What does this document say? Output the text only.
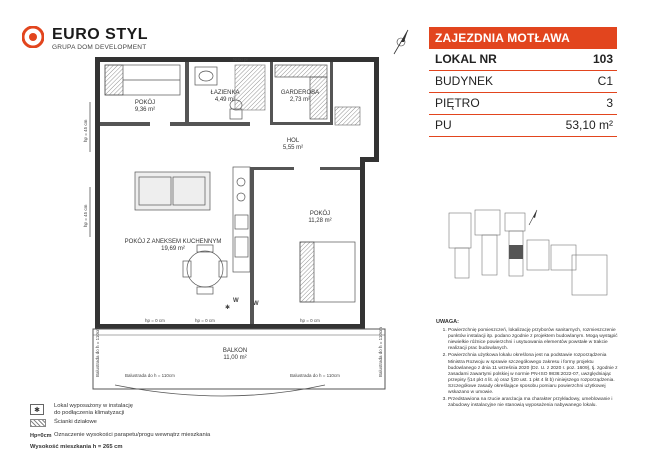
EURO STYL
GRUPA DOM DEVELOPMENT
POKÓJ
9,36 m²
ŁAZIENKA
4,49 m²
GARDEROBA
2,73 m²
HOL
5,55 m²
POKÓJ
11,28 m²
POKÓJ Z ANEKSEM KUCHENNYM
19,69 m²
BALKON
11,00 m²
Niski pł
hp = 45 cm
hp = 45 cm
hp = 0 cm	hp = 0 cm	hp = 0 cm
Balustrada do h = 110cm	Balustrada do h = 110cm
Balustrada do h = 110cm	Balustrada do h = 110cm
W W
✱
ZAJEZDNIA MOTŁAWA
LOKAL NR	103
BUDYNEK	C1
PIĘTRO	3
PU	53,10 m²
UWAGA:
1. Powierzchnię pomieszczeń, lokalizację przyborów sanitarnych, rozmieszczenie punktów instalacji itp. podano zgodnie z projektem budowlanym. Mogą wystąpić niewielkie różnice powierzchni i usytuowania elementów powstałe w trakcie realizacji prac budowlanych.
2. Powierzchnia użytkowa lokalu określona jest na podstawie rozporządzenia Ministra Rozwoju w sprawie szczegółowego zakresu i formy projektu budowlanego z dnia 11 września 2020 (Dz. U. z 2020 r. poz. 1609), tj. zgodnie z zasadami zawartymi polskiej w normie PN-ISO 9836:2022-07, uwzględniając przepisy §14 pkt 4 lit. a) oraz §20 ust. 1 pkt 4 lit b) niniejszego rozporządzenia. Szczegółowe zasady określające sposobu pomiaru powierzchni użytkowej wskazano w umowie.
3. Przedstawiona na rzucie aranżacja ma charakter przykładowy, umeblowanie i zabudowy instalacyjne nie stanowią wyposażenia nabywanego lokalu.
✱
Lokal wyposażony w instalację
do podłączenia klimatyzacji
Ścianki działowe
Hp=0cm Oznaczenie wysokości parapetu/progu wewnątrz mieszkania
Wysokość mieszkania h = 265 cm
